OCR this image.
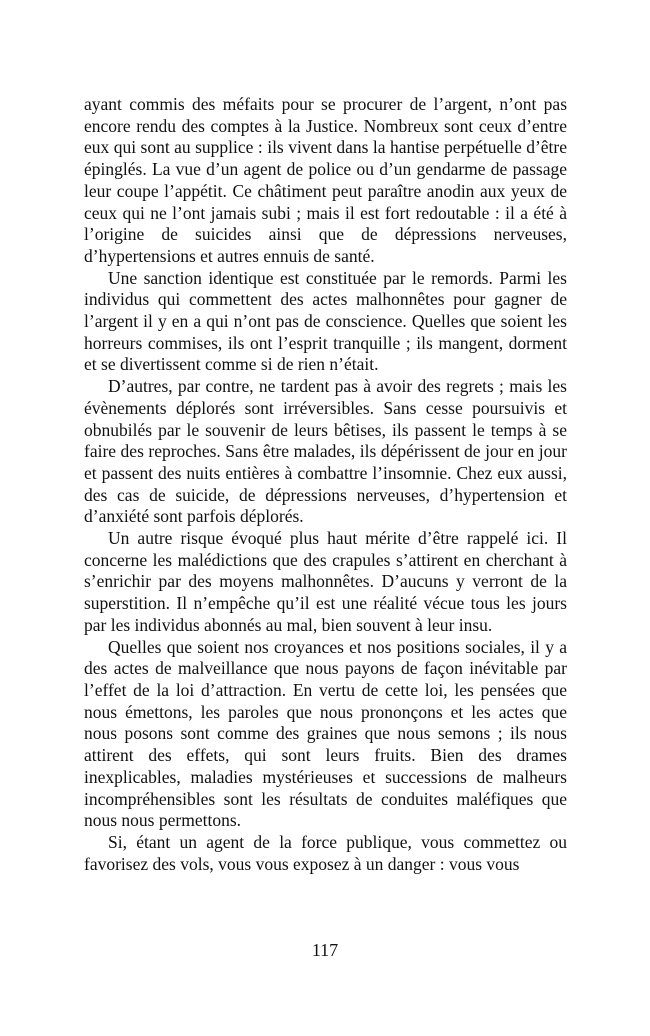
ayant commis des méfaits pour se procurer de l’argent, n’ont pas encore rendu des comptes à la Justice. Nombreux sont ceux d’entre eux qui sont au supplice : ils vivent dans la hantise perpétuelle d’être épinglés. La vue d’un agent de police ou d’un gendarme de passage leur coupe l’appétit. Ce châtiment peut paraître anodin aux yeux de ceux qui ne l’ont jamais subi ; mais il est fort redoutable : il a été à l’origine de suicides ainsi que de dépressions nerveuses, d’hypertensions et autres ennuis de santé.

Une sanction identique est constituée par le remords. Parmi les individus qui commettent des actes malhonnêtes pour gagner de l’argent il y en a qui n’ont pas de conscience. Quelles que soient les horreurs commises, ils ont l’esprit tranquille ; ils mangent, dorment et se divertissent comme si de rien n’était.

D’autres, par contre, ne tardent pas à avoir des regrets ; mais les évènements déplorés sont irréversibles. Sans cesse poursuivis et obnubilés par le souvenir de leurs bêtises, ils passent le temps à se faire des reproches. Sans être malades, ils dépérissent de jour en jour et passent des nuits entières à combattre l’insomnie. Chez eux aussi, des cas de suicide, de dépressions nerveuses, d’hypertension et d’anxiété sont parfois déplorés.

Un autre risque évoqué plus haut mérite d’être rappelé ici. Il concerne les malédictions que des crapules s’attirent en cherchant à s’enrichir par des moyens malhonnêtes. D’aucuns y verront de la superstition. Il n’empêche qu’il est une réalité vécue tous les jours par les individus abonnés au mal, bien souvent à leur insu.

Quelles que soient nos croyances et nos positions sociales, il y a des actes de malveillance que nous payons de façon inévitable par l’effet de la loi d’attraction. En vertu de cette loi, les pensées que nous émettons, les paroles que nous prononçons et les actes que nous posons sont comme des graines que nous semons ; ils nous attirent des effets, qui sont leurs fruits. Bien des drames inexplicables, maladies mystérieuses et successions de malheurs incompréhensibles sont les résultats de conduites maléfiques que nous nous permettons.

Si, étant un agent de la force publique, vous commettez ou favorisez des vols, vous vous exposez à un danger : vous vous

117
